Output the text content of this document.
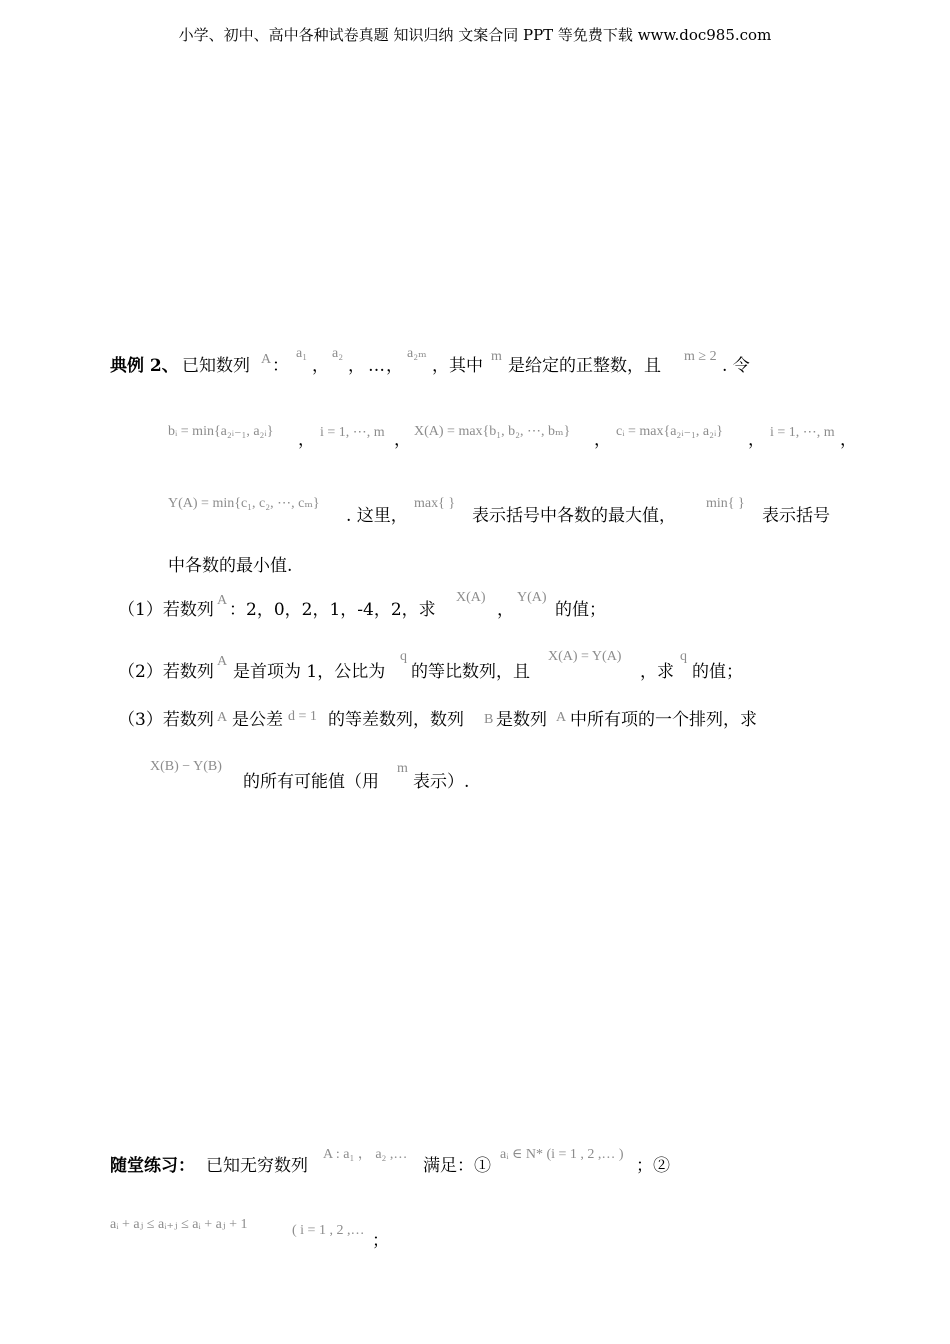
小学、初中、高中各种试卷真题 知识归纳 文案合同 PPT 等免费下载 www.doc985.com
典例 2、 已知数列 A ：
a₁
，
a₂
， … ，
a₂ₘ
，其中 m 是给定的正整数，且 m ≥ 2 . 令
bᵢ = min{a₂ᵢ₋₁, a₂ᵢ} ， i = 1, ⋯, m ， X(A) = max{b₁, b₂, ⋯, bₘ} ， cᵢ = max{a₂ᵢ₋₁, a₂ᵢ} ， i = 1, ⋯, m ，
Y(A) = min{c₁, c₂, ⋯, cₘ}
. 这里，
max{ }
表示括号中各数的最大值，
min{ }
表示括号
中各数的最小值.
（1）若数列 A ：2，0，2，1，-4，2，求
X(A)
，
Y(A)
的值；
（2）若数列
A
是首项为 1，公比为
q
的等比数列，且
X(A) = Y(A)
，求
q
的值；
（3）若数列 A 是公差 d = 1 的等差数列，数列 B 是数列 A 中所有项的一个排列，求
X(B) − Y(B)
的所有可能值（用
m
表示）.
随堂练习： 已知无穷数列
A : a₁ ， a₂ ,…
满足：①
aᵢ ∈ N* (i = 1 , 2 ,… )
；②
aᵢ + aⱼ ≤ aᵢ₊ⱼ ≤ aᵢ + aⱼ + 1	( i = 1 , 2 ,…
；
